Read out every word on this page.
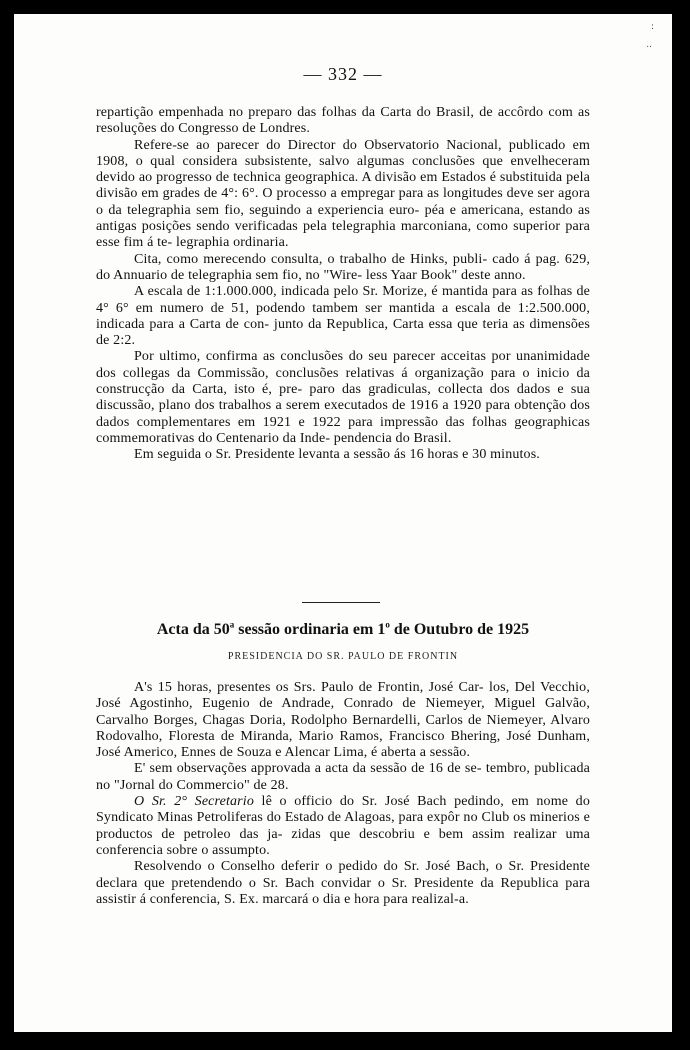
:
..
— 332 —

repartição empenhada no preparo das folhas da Carta do Brasil, de accôrdo com as resoluções do Congresso de Londres.

Refere-se ao parecer do Director do Observatorio Nacional, publicado em 1908, o qual considera subsistente, salvo algumas conclusões que envelheceram devido ao progresso de technica geographica. A divisão em Estados é substituida pela divisão em grades de 4°: 6°. O processo a empregar para as longitudes deve ser agora o da telegraphia sem fio, seguindo a experiencia euro- péa e americana, estando as antigas posições sendo verificadas pela telegraphia marconiana, como superior para esse fim á te- legraphia ordinaria.

Cita, como merecendo consulta, o trabalho de Hinks, publi- cado á pag. 629, do Annuario de telegraphia sem fio, no "Wire- less Yaar Book" deste anno.

A escala de 1:1.000.000, indicada pelo Sr. Morize, é mantida para as folhas de 4° 6° em numero de 51, podendo tambem ser mantida a escala de 1:2.500.000, indicada para a Carta de con- junto da Republica, Carta essa que teria as dimensões de 2:2.

Por ultimo, confirma as conclusões do seu parecer acceitas por unanimidade dos collegas da Commissão, conclusões relativas á organização para o inicio da construcção da Carta, isto é, pre- paro das gradiculas, collecta dos dados e sua discussão, plano dos trabalhos a serem executados de 1916 a 1920 para obtenção dos dados complementares em 1921 e 1922 para impressão das folhas geographicas commemorativas do Centenario da Inde- pendencia do Brasil.

Em seguida o Sr. Presidente levanta a sessão ás 16 horas e 30 minutos.

Acta da 50$^a$ sessão ordinaria em 1$^o$ de Outubro de 1925
PRESIDENCIA DO SR. PAULO DE FRONTIN

A's 15 horas, presentes os Srs. Paulo de Frontin, José Car- los, Del Vecchio, José Agostinho, Eugenio de Andrade, Conrado de Niemeyer, Miguel Galvão, Carvalho Borges, Chagas Doria, Rodolpho Bernardelli, Carlos de Niemeyer, Alvaro Rodovalho, Floresta de Miranda, Mario Ramos, Francisco Bhering, José Dunham, José Americo, Ennes de Souza e Alencar Lima, é aberta a sessão.

E' sem observações approvada a acta da sessão de 16 de se- tembro, publicada no "Jornal do Commercio" de 28.

O Sr. 2° Secretario lê o officio do Sr. José Bach pedindo, em nome do Syndicato Minas Petroliferas do Estado de Alagoas, para expôr no Club os minerios e productos de petroleo das ja- zidas que descobriu e bem assim realizar uma conferencia sobre o assumpto.

Resolvendo o Conselho deferir o pedido do Sr. José Bach, o Sr. Presidente declara que pretendendo o Sr. Bach convidar o Sr. Presidente da Republica para assistir á conferencia, S. Ex. marcará o dia e hora para realizal-a.
